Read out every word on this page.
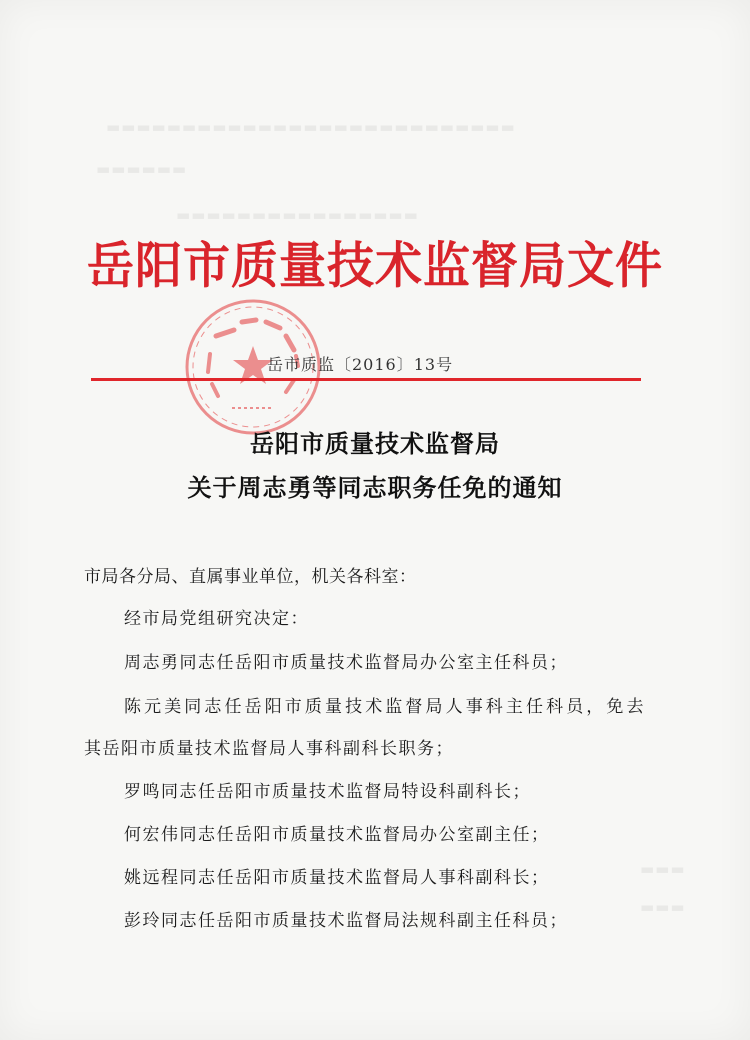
▬▬▬▬▬▬▬▬▬▬▬▬▬▬▬▬▬▬▬▬▬▬▬▬▬▬▬
▬▬▬▬▬▬
▬▬▬▬▬▬▬▬▬▬▬▬▬▬▬▬
▬▬▬
▬▬▬
岳阳市质量技术监督局文件
岳市质监〔2016〕13号
岳阳市质量技术监督局
关于周志勇等同志职务任免的通知
市局各分局、直属事业单位，机关各科室：
经市局党组研究决定：
周志勇同志任岳阳市质量技术监督局办公室主任科员；
陈元美同志任岳阳市质量技术监督局人事科主任科员，免去
其岳阳市质量技术监督局人事科副科长职务；
罗鸣同志任岳阳市质量技术监督局特设科副科长；
何宏伟同志任岳阳市质量技术监督局办公室副主任；
姚远程同志任岳阳市质量技术监督局人事科副科长；
彭玲同志任岳阳市质量技术监督局法规科副主任科员；
